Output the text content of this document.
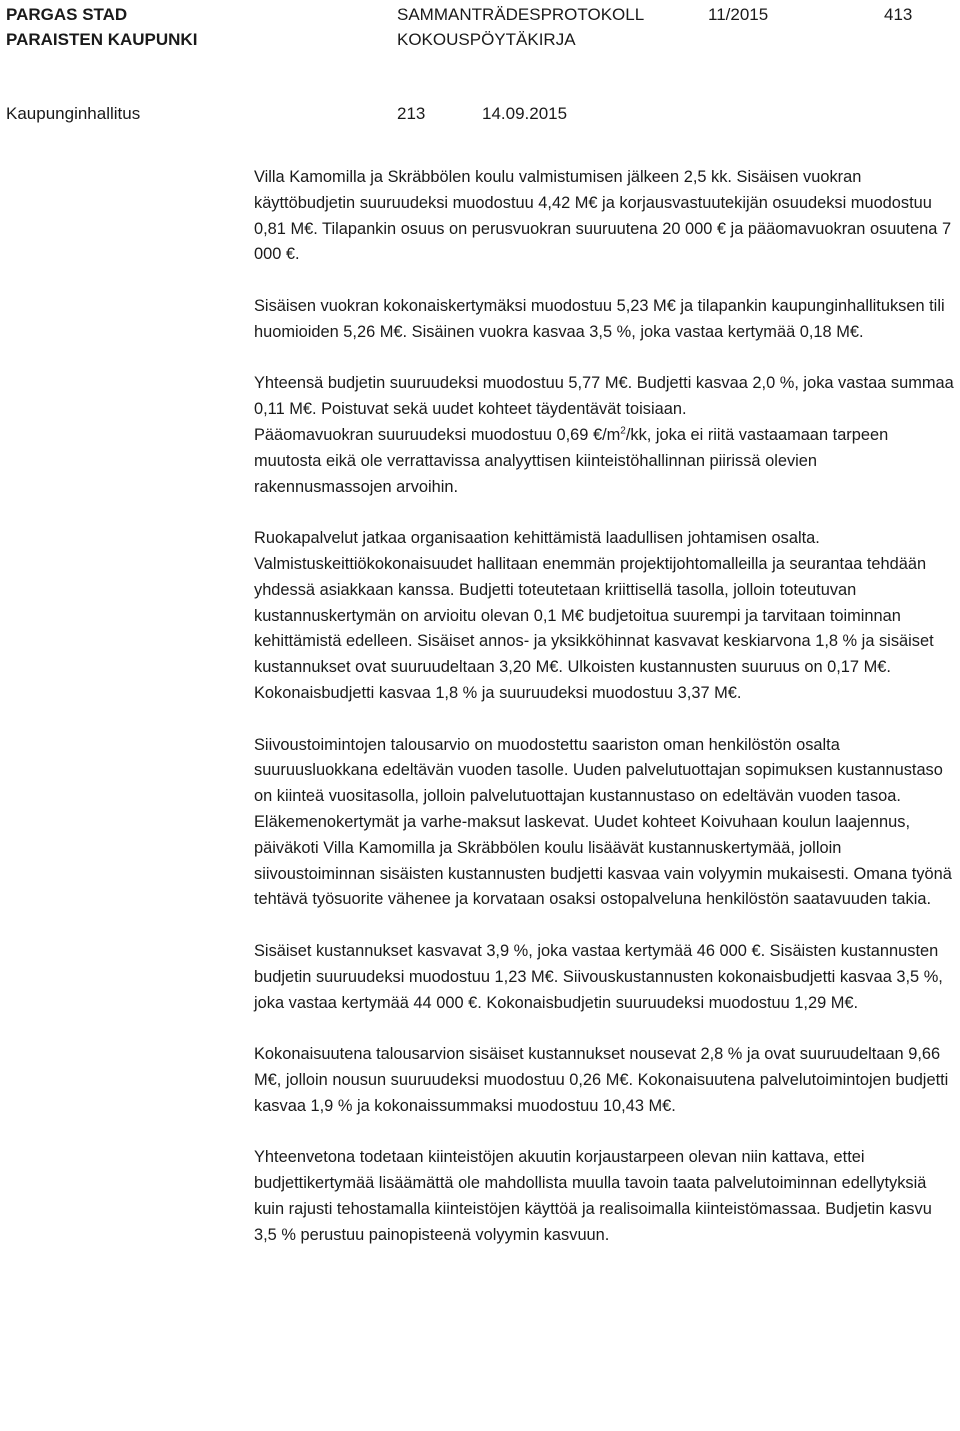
PARGAS STAD
PARAISTEN KAUPUNKI
SAMMANTRÄDESPROTOKOLL
KOKOUSPÖYTÄKIRJA
11/2015	413
Kaupunginhallitus	213	14.09.2015

Villa Kamomilla ja Skräbbölen koulu valmistumisen jälkeen 2,5 kk. Sisäisen vuokran käyttöbudjetin suuruudeksi muodostuu 4,42 M€ ja korjausvastuutekijän osuudeksi muodostuu 0,81 M€. Tilapankin osuus on perusvuokran suuruutena 20 000 € ja pääomavuokran osuutena 7 000 €.

Sisäisen vuokran kokonaiskertymäksi muodostuu 5,23 M€ ja tilapankin kaupunginhallituksen tili huomioiden 5,26 M€. Sisäinen vuokra kasvaa 3,5 %, joka vastaa kertymää 0,18 M€.

Yhteensä budjetin suuruudeksi muodostuu 5,77 M€. Budjetti kasvaa 2,0 %, joka vastaa summaa 0,11 M€. Poistuvat sekä uudet kohteet täydentävät toisiaan.

Pääomavuokran suuruudeksi muodostuu 0,69 $€/m^2/kk$, joka ei riitä vastaamaan tarpeen muutosta eikä ole verrattavissa analyyttisen kiinteistöhallinnan piirissä olevien rakennusmassojen arvoihin.

Ruokapalvelut jatkaa organisaation kehittämistä laadullisen johtamisen osalta. Valmistuskeittiökokonaisuudet hallitaan enemmän projektijohtomalleilla ja seurantaa tehdään yhdessä asiakkaan kanssa. Budjetti toteutetaan kriittisellä tasolla, jolloin toteutuvan kustannuskertymän on arvioitu olevan 0,1 M€ budjetoitua suurempi ja tarvitaan toiminnan kehittämistä edelleen. Sisäiset annos- ja yksikköhinnat kasvavat keskiarvona 1,8 % ja sisäiset kustannukset ovat suuruudeltaan 3,20 M€. Ulkoisten kustannusten suuruus on 0,17 M€. Kokonaisbudjetti kasvaa 1,8 % ja suuruudeksi muodostuu 3,37 M€.

Siivoustoimintojen talousarvio on muodostettu saariston oman henkilöstön osalta suuruusluokkana edeltävän vuoden tasolle. Uuden palvelutuottajan sopimuksen kustannustaso on kiinteä vuositasolla, jolloin palvelutuottajan kustannustaso on edeltävän vuoden tasoa. Eläkemenokertymät ja varhe-maksut laskevat. Uudet kohteet Koivuhaan koulun laajennus, päiväkoti Villa Kamomilla ja Skräbbölen koulu lisäävät kustannuskertymää, jolloin siivoustoiminnan sisäisten kustannusten budjetti kasvaa vain volyymin mukaisesti. Omana työnä tehtävä työsuorite vähenee ja korvataan osaksi ostopalveluna henkilöstön saatavuuden takia.

Sisäiset kustannukset kasvavat 3,9 %, joka vastaa kertymää 46 000 €. Sisäisten kustannusten budjetin suuruudeksi muodostuu 1,23 M€. Siivouskustannusten kokonaisbudjetti kasvaa 3,5 %, joka vastaa kertymää 44 000 €. Kokonaisbudjetin suuruudeksi muodostuu 1,29 M€.

Kokonaisuutena talousarvion sisäiset kustannukset nousevat 2,8 % ja ovat suuruudeltaan 9,66 M€, jolloin nousun suuruudeksi muodostuu 0,26 M€. Kokonaisuutena palvelutoimintojen budjetti kasvaa 1,9 % ja kokonaissummaksi muodostuu 10,43 M€.

Yhteenvetona todetaan kiinteistöjen akuutin korjaustarpeen olevan niin kattava, ettei budjettikertymää lisäämättä ole mahdollista muulla tavoin taata palvelutoiminnan edellytyksiä kuin rajusti tehostamalla kiinteistöjen käyttöä ja realisoimalla kiinteistömassaa. Budjetin kasvu 3,5 % perustuu painopisteenä volyymin kasvuun.
